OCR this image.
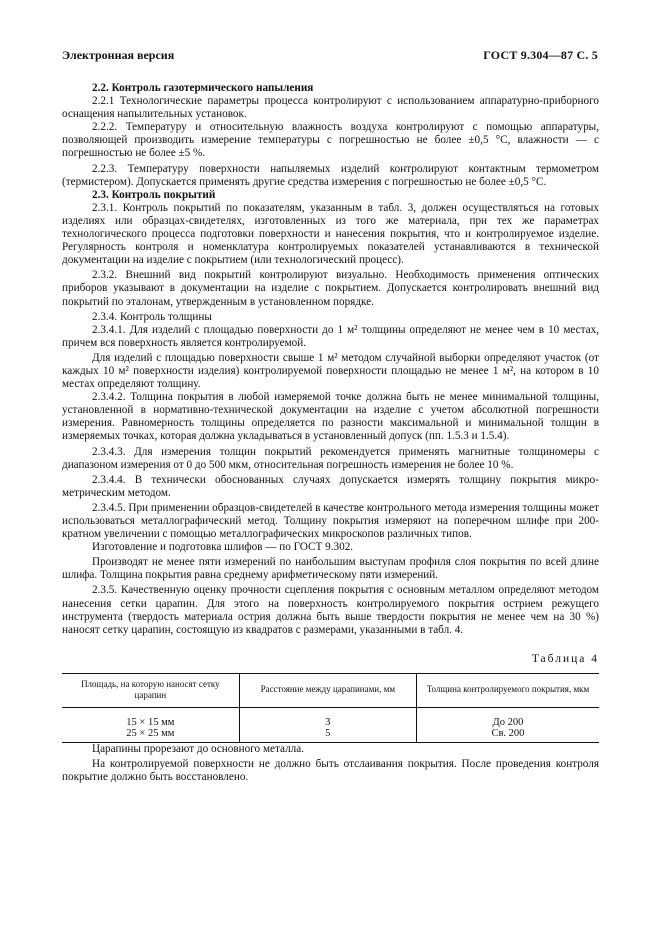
Электронная версия	ГОСТ 9.304—87 С. 5
2.2. Контроль газотермического напыления

2.2.1 Технологические параметры процесса контролируют с использованием аппаратурно-приборного оснащения напылительных установок.

2.2.2. Температуру и относительную влажность воздуха контролируют с помощью аппаратуры, позволяющей производить измерение температуры с погрешностью не более ±0,5 °С, влажности — с погрешностью не более ±5 %.

2.2.3. Температуру поверхности напыляемых изделий контролируют контактным термометром (термистером). Допускается применять другие средства измерения с погрешностью не более ±0,5 °С.

2.3. Контроль покрытий

2.3.1. Контроль покрытий по показателям, указанным в табл. 3, должен осуществляться на готовых изделиях или образцах-свидетелях, изготовленных из того же материала, при тех же параметрах технологического процесса подготовки поверхности и нанесения покрытия, что и контролируемое изделие. Регулярность контроля и номенклатура контролируемых показателей устанавливаются в технической документации на изделие с покрытием (или технологический процесс).

2.3.2. Внешний вид покрытий контролируют визуально. Необходимость применения оптических приборов указывают в документации на изделие с покрытием. Допускается контролировать внешний вид покрытий по эталонам, утвержденным в установленном порядке.

2.3.4. Контроль толщины

2.3.4.1. Для изделий с площадью поверхности до 1 м² толщины определяют не менее чем в 10 местах, причем вся поверхность является контролируемой.

Для изделий с площадью поверхности свыше 1 м² методом случайной выборки определяют участок (от каждых 10 м² поверхности изделия) контролируемой поверхности площадью не менее 1 м², на котором в 10 местах определяют толщину.

2.3.4.2. Толщина покрытия в любой измеряемой точке должна быть не менее минимальной толщины, установленной в нормативно-технической документации на изделие с учетом абсолютной погрешности измерения. Равномерность толщины определяется по разности максимальной и минимальной толщин в измеряемых точках, которая должна укладываться в установленный допуск (пп. 1.5.3 и 1.5.4).

2.3.4.3. Для измерения толщин покрытий рекомендуется применять магнитные толщиномеры с диапазоном измерения от 0 до 500 мкм, относительная погрешность измерения не более 10 %.

2.3.4.4. В технически обоснованных случаях допускается измерять толщину покрытия микрометрическим методом.

2.3.4.5. При применении образцов-свидетелей в качестве контрольного метода измерения толщины может использоваться металлографический метод. Толщину покрытия измеряют на поперечном шлифе при 200-кратном увеличении с помощью металлографических микроскопов различных типов.

Изготовление и подготовка шлифов — по ГОСТ 9.302.

Производят не менее пяти измерений по наибольшим выступам профиля слоя покрытия по всей длине шлифа. Толщина покрытия равна среднему арифметическому пяти измерений.

2.3.5. Качественную оценку прочности сцепления покрытия с основным металлом определяют методом нанесения сетки царапин. Для этого на поверхность контролируемого покрытия острием режущего инструмента (твердость материала острия должна быть выше твердости покрытия не менее чем на 30 %) наносят сетку царапин, состоящую из квадратов с размерами, указанными в табл. 4.

Таблица 4
Площадь, на которую наносят сетку царапин	Расстояние между царапинами, мм	Толщина контролируемого покрытия, мкм
15 × 15 мм	3	До 200
25 × 25 мм	5	Св. 200

Царапины прорезают до основного металла.

На контролируемой поверхности не должно быть отслаивания покрытия. После проведения контроля покрытие должно быть восстановлено.
